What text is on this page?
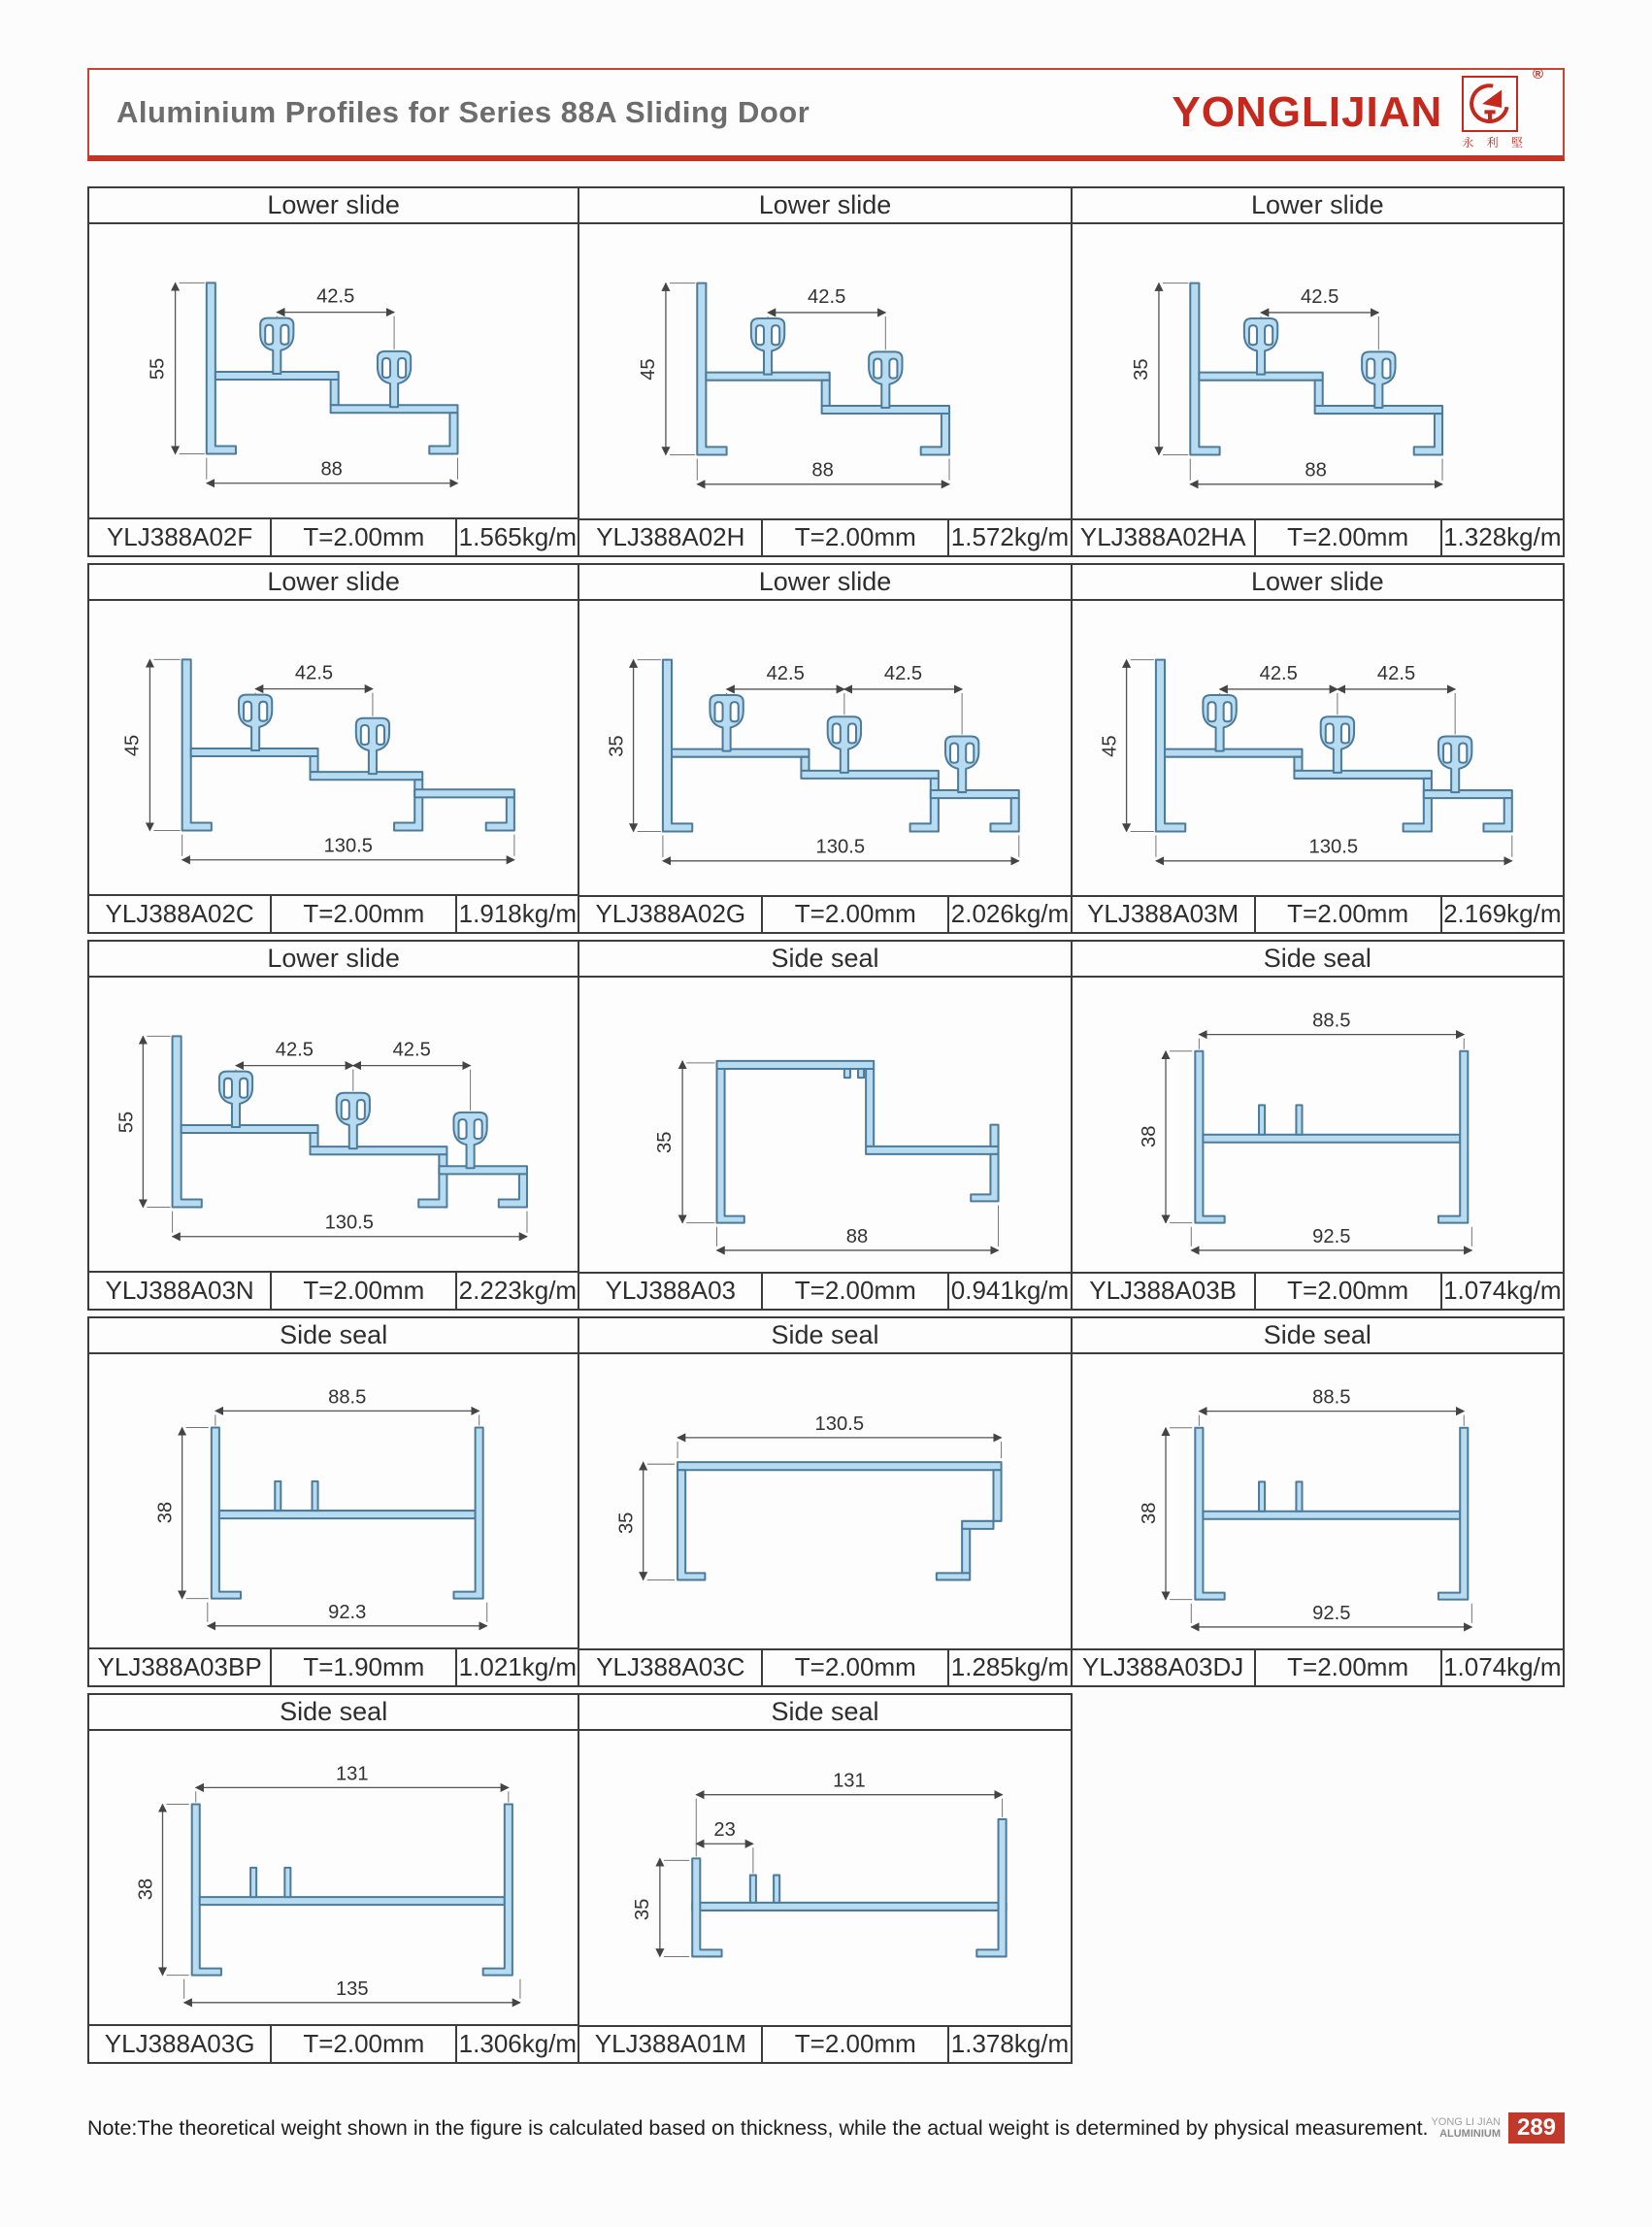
Aluminium Profiles for Series 88A Sliding Door	YONGLIJIAN
®
永 利 堅
Lower slide
42.5
55
88
YLJ388A02F	T=2.00mm	1.565kg/m
Lower slide
42.5
45
88
YLJ388A02H	T=2.00mm	1.572kg/m
Lower slide
42.5
35
88
YLJ388A02HA	T=2.00mm	1.328kg/m
Lower slide
42.5
45
130.5
YLJ388A02C	T=2.00mm	1.918kg/m
Lower slide
42.5	42.5
35
130.5
YLJ388A02G	T=2.00mm	2.026kg/m
Lower slide
42.5	42.5
45
130.5
YLJ388A03M	T=2.00mm	2.169kg/m
Lower slide
42.5	42.5
55
130.5
YLJ388A03N	T=2.00mm	2.223kg/m
Side seal
35
88
YLJ388A03	T=2.00mm	0.941kg/m
Side seal
88.5
38
92.5
YLJ388A03B	T=2.00mm	1.074kg/m
Side seal
88.5
38
92.3
YLJ388A03BP	T=1.90mm	1.021kg/m
Side seal
130.5
35
YLJ388A03C	T=2.00mm	1.285kg/m
Side seal
88.5
38
92.5
YLJ388A03DJ	T=2.00mm	1.074kg/m
Side seal
131
38
135
YLJ388A03G	T=2.00mm	1.306kg/m
Side seal
131
23
35
YLJ388A01M	T=2.00mm	1.378kg/m
Note:The theoretical weight shown in the figure is calculated based on thickness, while the actual weight is determined by physical measurement. YONG LI JIAN
ALUMINIUM 289
